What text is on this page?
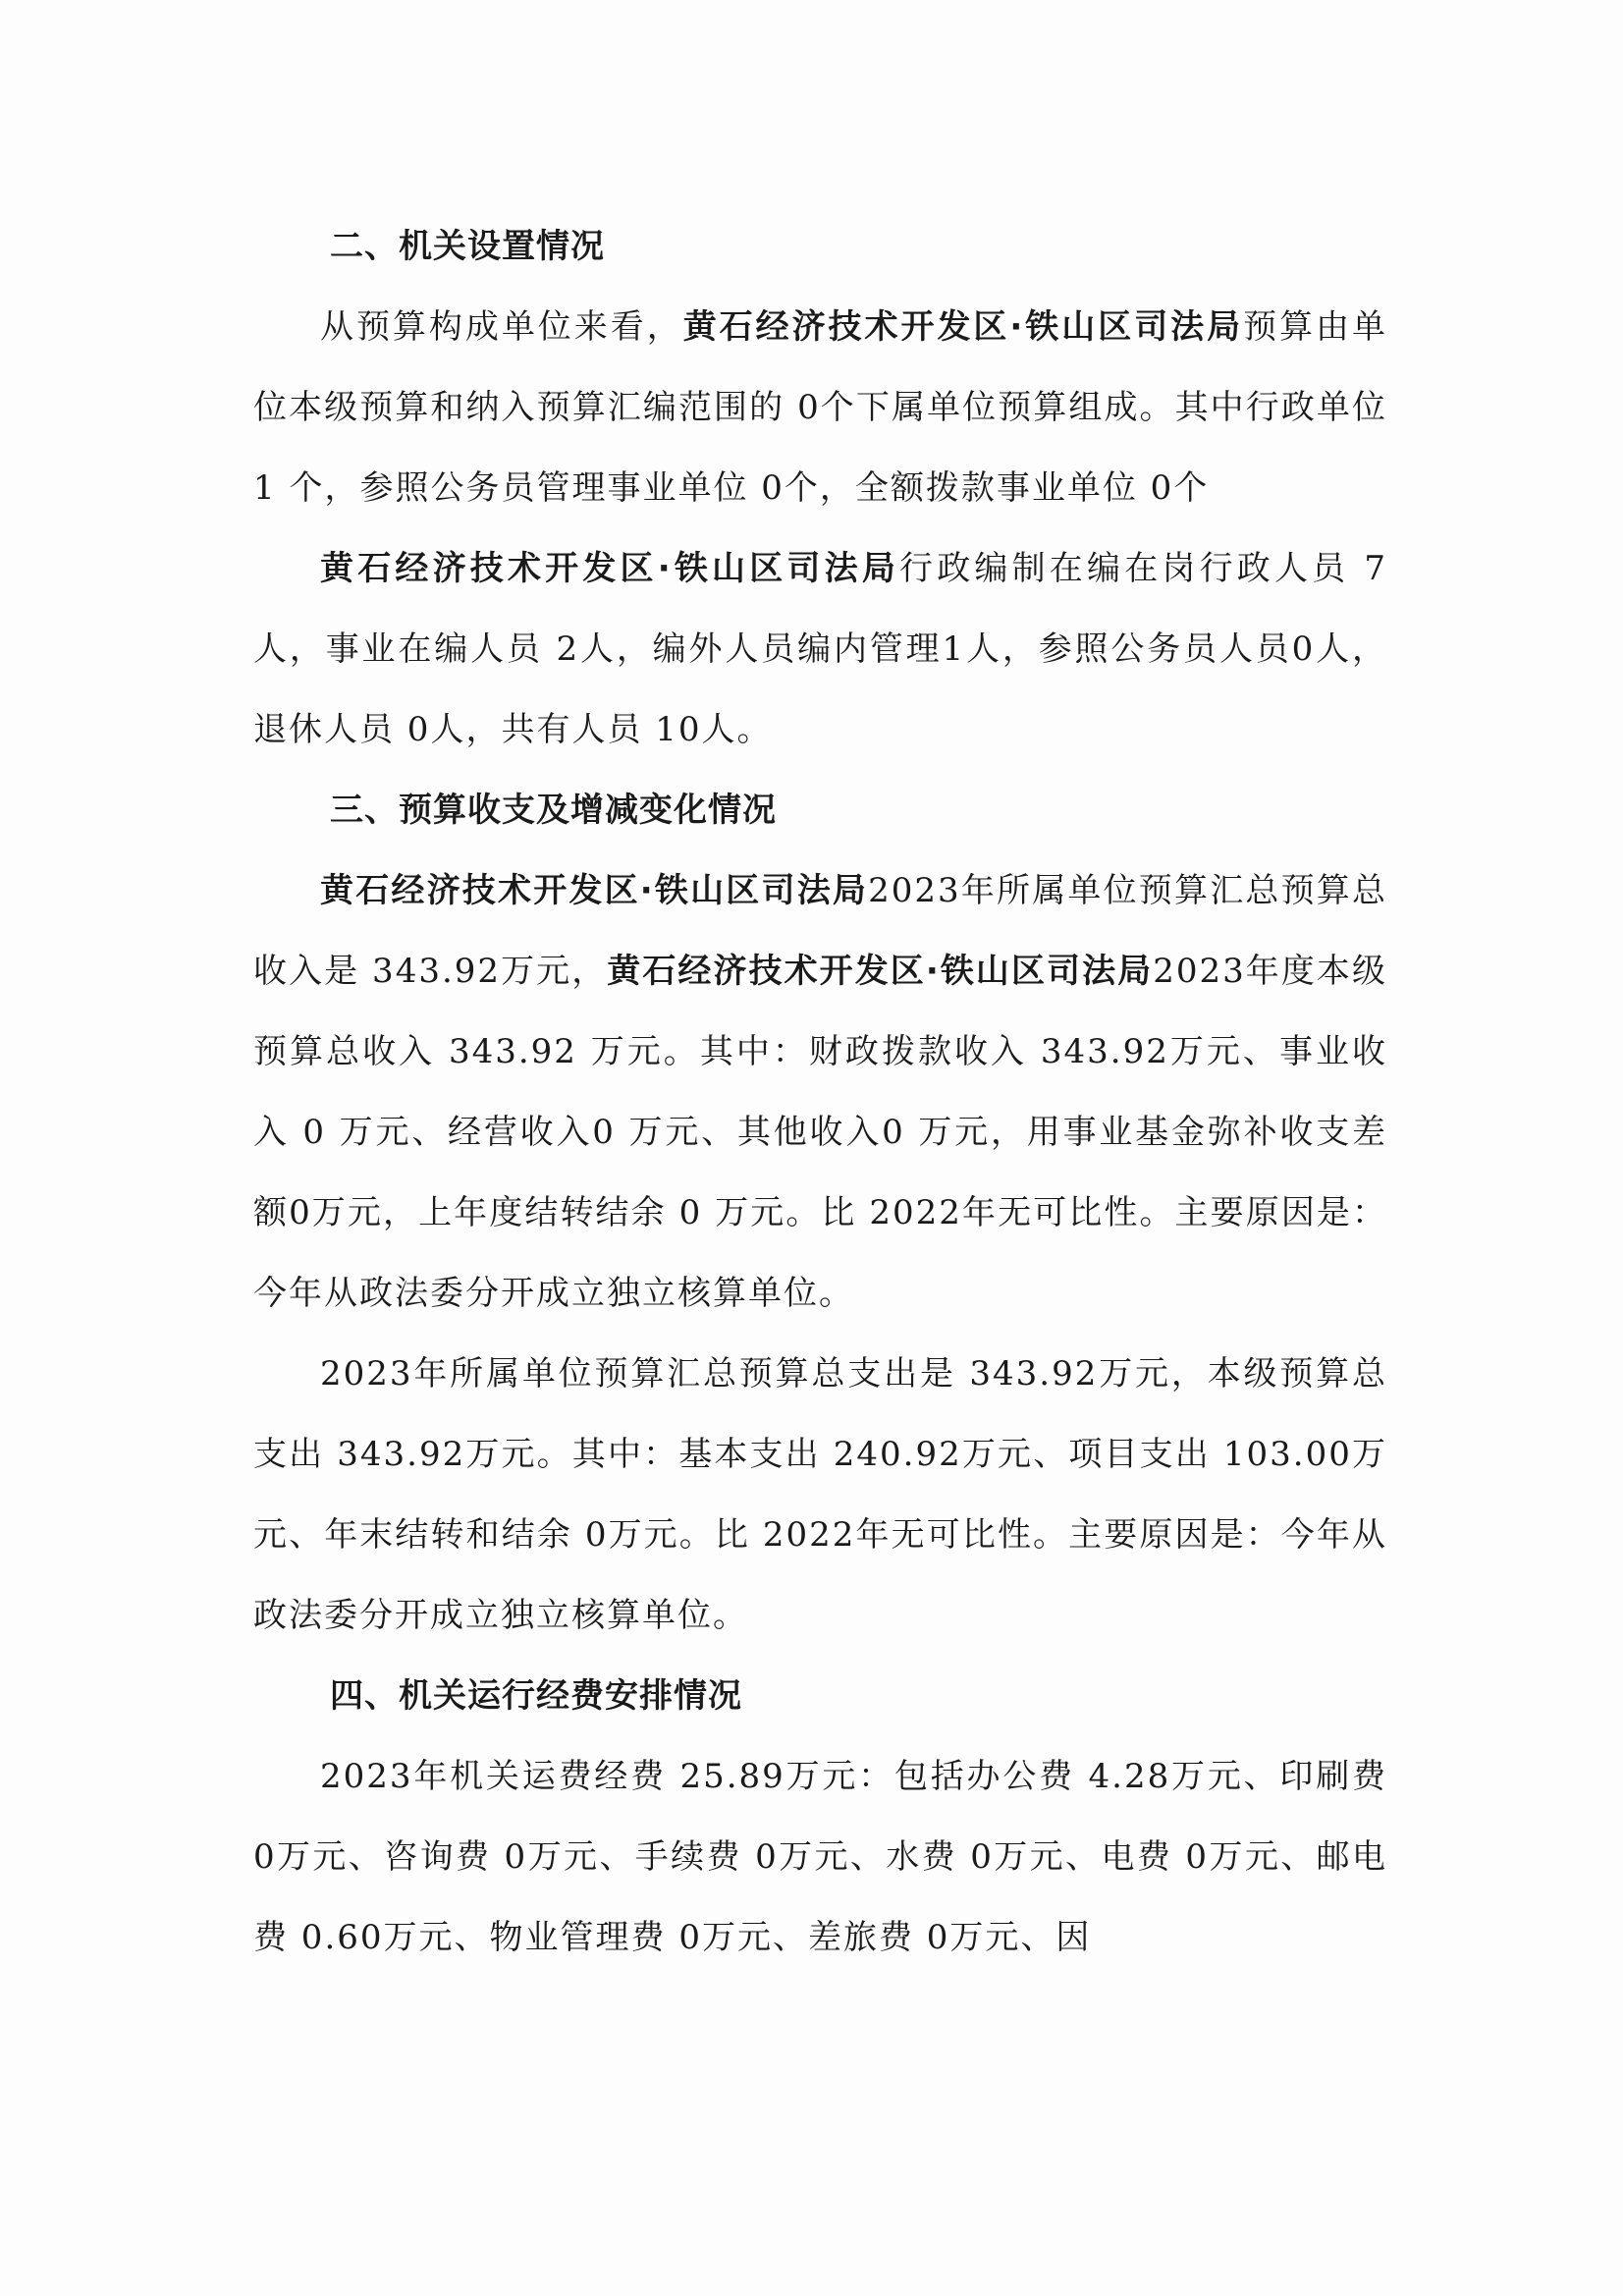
二、机关设置情况

从预算构成单位来看，黄石经济技术开发区·铁山区司法局预算由单位本级预算和纳入预算汇编范围的 0个下属单位预算组成。其中行政单位1 个，参照公务员管理事业单位 0个，全额拨款事业单位 0个

黄石经济技术开发区·铁山区司法局行政编制在编在岗行政人员 7人，事业在编人员 2人，编外人员编内管理1人，参照公务员人员0人，退休人员 0人，共有人员 10人。

三、预算收支及增减变化情况

黄石经济技术开发区·铁山区司法局2023年所属单位预算汇总预算总收入是 343.92万元，黄石经济技术开发区·铁山区司法局2023年度本级预算总收入 343.92 万元。其中：财政拨款收入 343.92万元、事业收入 0 万元、经营收入0 万元、其他收入0 万元，用事业基金弥补收支差额0万元，上年度结转结余 0 万元。比 2022年无可比性。主要原因是：今年从政法委分开成立独立核算单位。

2023年所属单位预算汇总预算总支出是 343.92万元，本级预算总支出 343.92万元。其中：基本支出 240.92万元、项目支出 103.00万元、年末结转和结余 0万元。比 2022年无可比性。主要原因是：今年从政法委分开成立独立核算单位。

四、机关运行经费安排情况

2023年机关运费经费 25.89万元：包括办公费 4.28万元、印刷费 0万元、咨询费 0万元、手续费 0万元、水费 0万元、电费 0万元、邮电费 0.60万元、物业管理费 0万元、差旅费 0万元、因
